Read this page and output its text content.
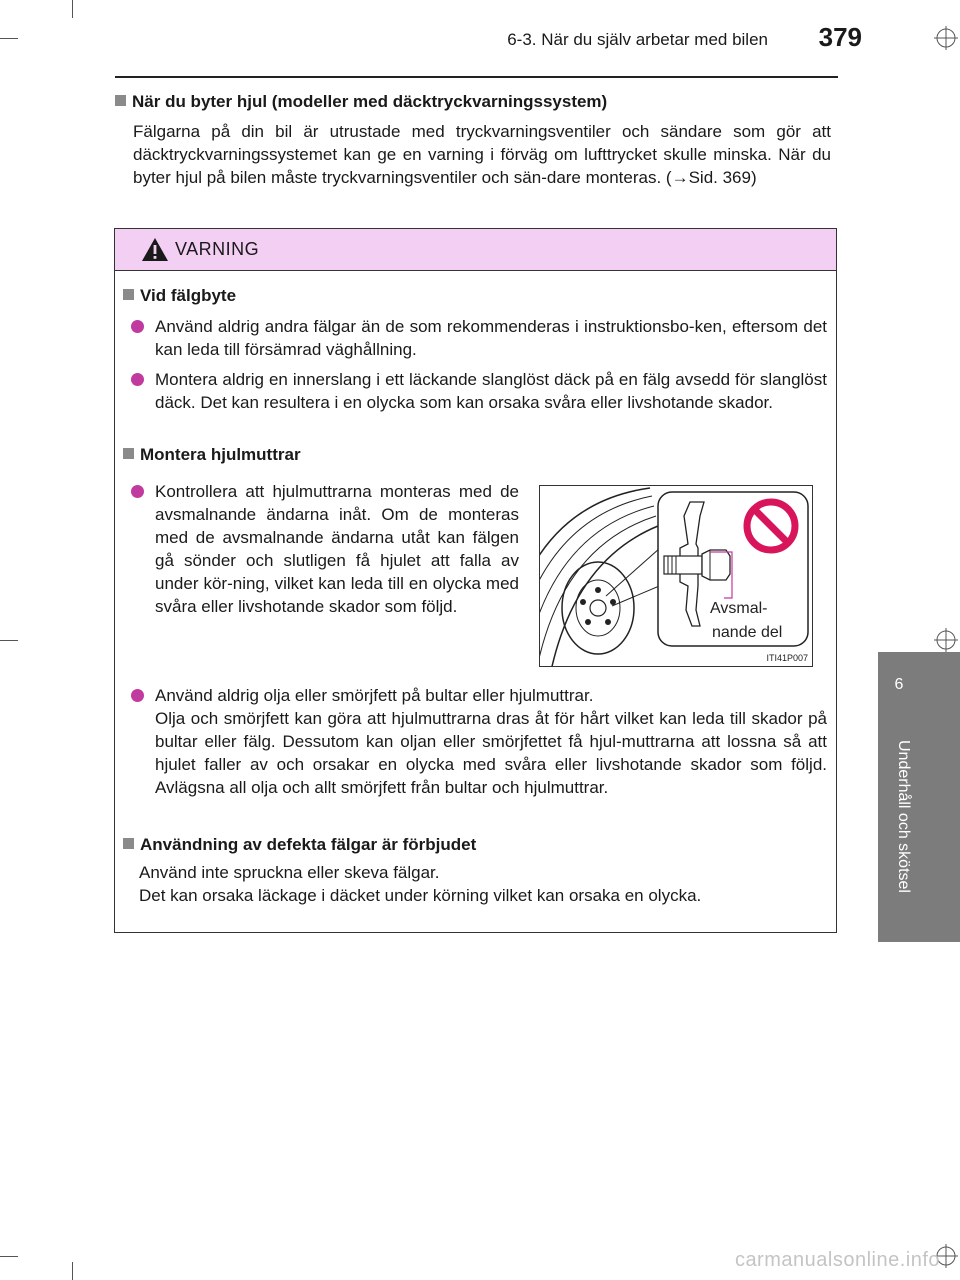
6-3. När du själv arbetar med bilen 379
6
Underhåll och skötsel
När du byter hjul (modeller med däcktryckvarningssystem)
Fälgarna på din bil är utrustade med tryckvarningsventiler och sändare som gör att däcktryckvarningssystemet kan ge en varning i förväg om lufttrycket skulle minska. När du byter hjul på bilen måste tryckvarningsventiler och sän-dare monteras. (→Sid. 369)
VARNING
Vid fälgbyte
Använd aldrig andra fälgar än de som rekommenderas i instruktionsbo-ken, eftersom det kan leda till försämrad väghållning.
Montera aldrig en innerslang i ett läckande slanglöst däck på en fälg avsedd för slanglöst däck. Det kan resultera i en olycka som kan orsaka svåra eller livshotande skador.
Montera hjulmuttrar
Kontrollera att hjulmuttrarna monteras med de avsmalnande ändarna inåt. Om de monteras med de avsmalnande ändarna utåt kan fälgen gå sönder och slutligen få hjulet att falla av under kör-ning, vilket kan leda till en olycka med svåra eller livshotande skador som följd.	Avsmal-
nande del
ITI41P007
Använd aldrig olja eller smörjfett på bultar eller hjulmuttrar.
Olja och smörjfett kan göra att hjulmuttrarna dras åt för hårt vilket kan leda till skador på bultar eller fälg. Dessutom kan oljan eller smörjfettet få hjul-muttrarna att lossna så att hjulet faller av och orsakar en olycka med svåra eller livshotande skador som följd. Avlägsna all olja och allt smörjfett från bultar och hjulmuttrar.
Användning av defekta fälgar är förbjudet
Använd inte spruckna eller skeva fälgar.
Det kan orsaka läckage i däcket under körning vilket kan orsaka en olycka.
carmanualsonline.info
